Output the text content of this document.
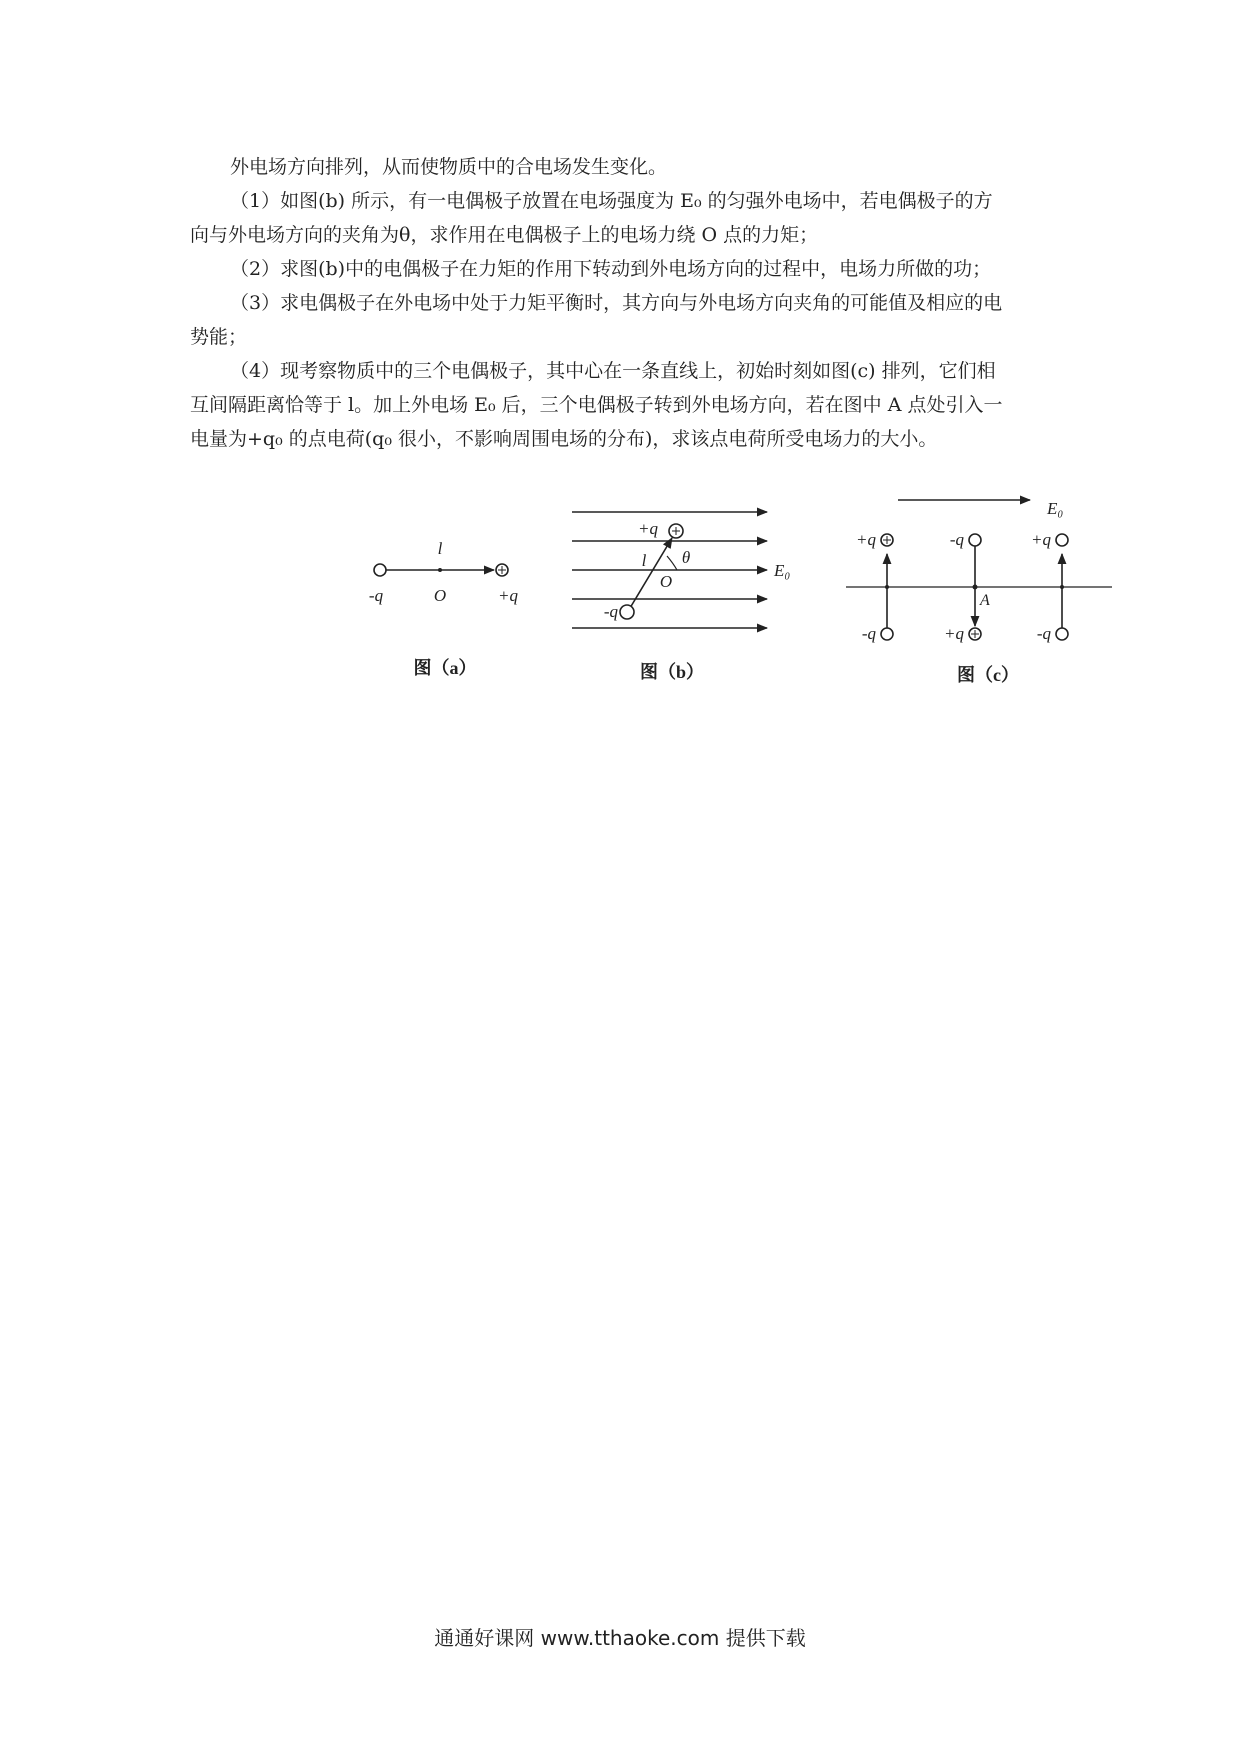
外电场方向排列，从而使物质中的合电场发生变化。

（1）如图(b) 所示，有一电偶极子放置在电场强度为 E₀ 的匀强外电场中，若电偶极子的方

向与外电场方向的夹角为θ，求作用在电偶极子上的电场力绕 O 点的力矩；

（2）求图(b)中的电偶极子在力矩的作用下转动到外电场方向的过程中，电场力所做的功；

（3）求电偶极子在外电场中处于力矩平衡时，其方向与外电场方向夹角的可能值及相应的电

势能；

（4）现考察物质中的三个电偶极子，其中心在一条直线上，初始时刻如图(c) 排列，它们相

互间隔距离恰等于 l。加上外电场 E₀ 后，三个电偶极子转到外电场方向，若在图中 A 点处引入一

电量为+q₀ 的点电荷(q₀ 很小，不影响周围电场的分布)，求该点电荷所受电场力的大小。

l
-q	O	+q
图（a）
+q
l θ
O
E₀
-q
图（b）
E₀
+q
-q
-q
+q
A
+q
-q
图（c）
通通好课网 www.tthaoke.com 提供下载
